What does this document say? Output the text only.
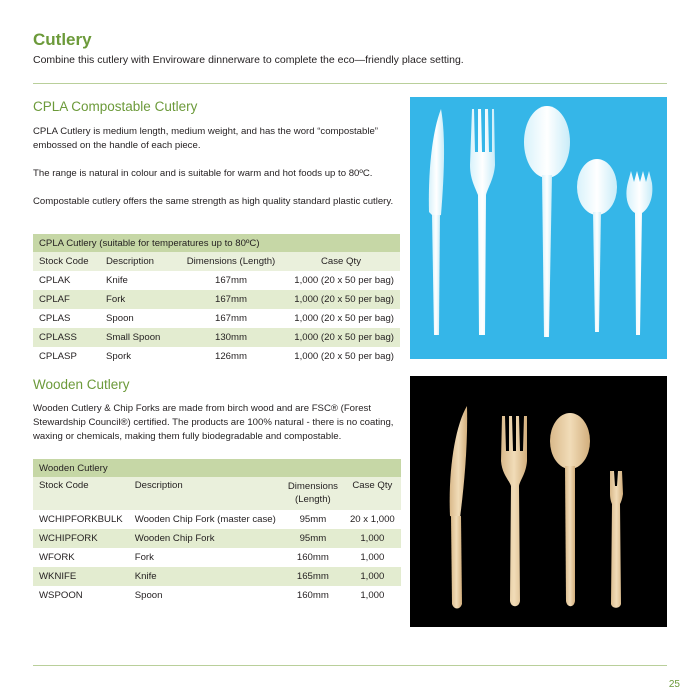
Cutlery
Combine this cutlery with Enviroware dinnerware to complete the eco—friendly place setting.
CPLA Compostable Cutlery
CPLA Cutlery is medium length, medium weight, and has the word “compostable” embossed on the handle of each piece.
The range is natural in colour and is suitable for warm and hot foods up to 80ºC.
Compostable cutlery offers the same strength as high quality standard plastic cutlery.
CPLA Cutlery (suitable for temperatures up to 80ºC)			
Stock Code	Description	Dimensions (Length)	Case Qty
CPLAK	Knife	167mm	1,000 (20 x 50 per bag)
CPLAF	Fork	167mm	1,000 (20 x 50 per bag)
CPLAS	Spoon	167mm	1,000 (20 x 50 per bag)
CPLASS	Small Spoon	130mm	1,000 (20 x 50 per bag)
CPLASP	Spork	126mm	1,000 (20 x 50 per bag)
Wooden Cutlery
Wooden Cutlery & Chip Forks are made from birch wood and are FSC® (Forest Stewardship Council®) certified. The products are 100% natural - there is no coating, waxing or chemicals, making them fully biodegradable and compostable.
Wooden Cutlery			
Stock Code	Description	Dimensions (Length)	Case Qty
WCHIPFORKBULK	Wooden Chip Fork (master case)	95mm	20 x 1,000
WCHIPFORK	Wooden Chip Fork	95mm	1,000
WFORK	Fork	160mm	1,000
WKNIFE	Knife	165mm	1,000
WSPOON	Spoon	160mm	1,000
25
